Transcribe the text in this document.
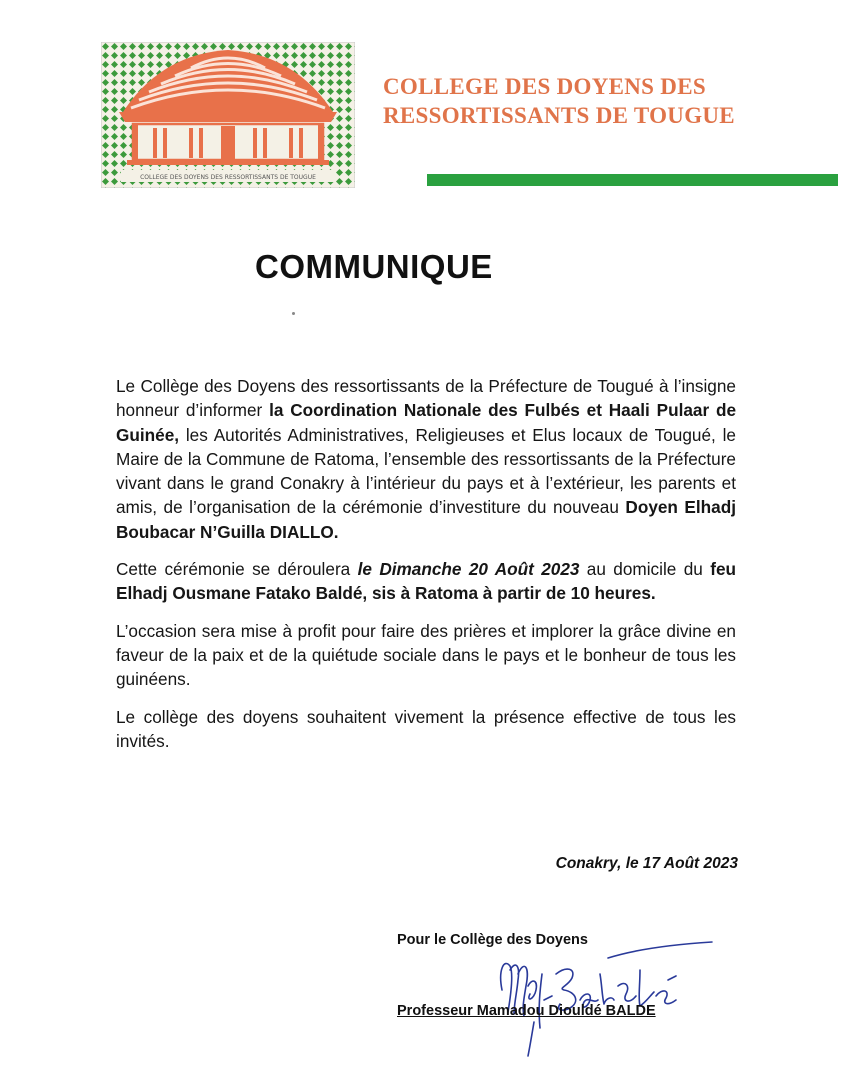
COLLEGE DES DOYENS DES RESSORTISSANTS DE TOUGUE
COLLEGE DES DOYENS DES
RESSORTISSANTS DE TOUGUE
COMMUNIQUE

Le Collège des Doyens des ressortissants de la Préfecture de Tougué à l’insigne honneur d’informer la Coordination Nationale des Fulbés et Haali Pulaar de Guinée, les Autorités Administratives, Religieuses et Elus locaux de Tougué, le Maire de la Commune de Ratoma, l’ensemble des ressortissants de la Préfecture vivant dans le grand Conakry à l’intérieur du pays et à l’extérieur, les parents et amis, de l’organisation de la cérémonie d’investiture du nouveau Doyen Elhadj Boubacar N’Guilla DIALLO.

Cette cérémonie se déroulera le Dimanche 20 Août 2023 au domicile du feu Elhadj Ousmane Fatako Baldé, sis à Ratoma à partir de 10 heures.

L’occasion sera mise à profit pour faire des prières et implorer la grâce divine en faveur de la paix et de la quiétude sociale dans le pays et le bonheur de tous les guinéens.

Le collège des doyens souhaitent vivement la présence effective de tous les invités.

Conakry, le 17 Août 2023
Pour le Collège des Doyens
Professeur Mamadou Diouldé BALDE
